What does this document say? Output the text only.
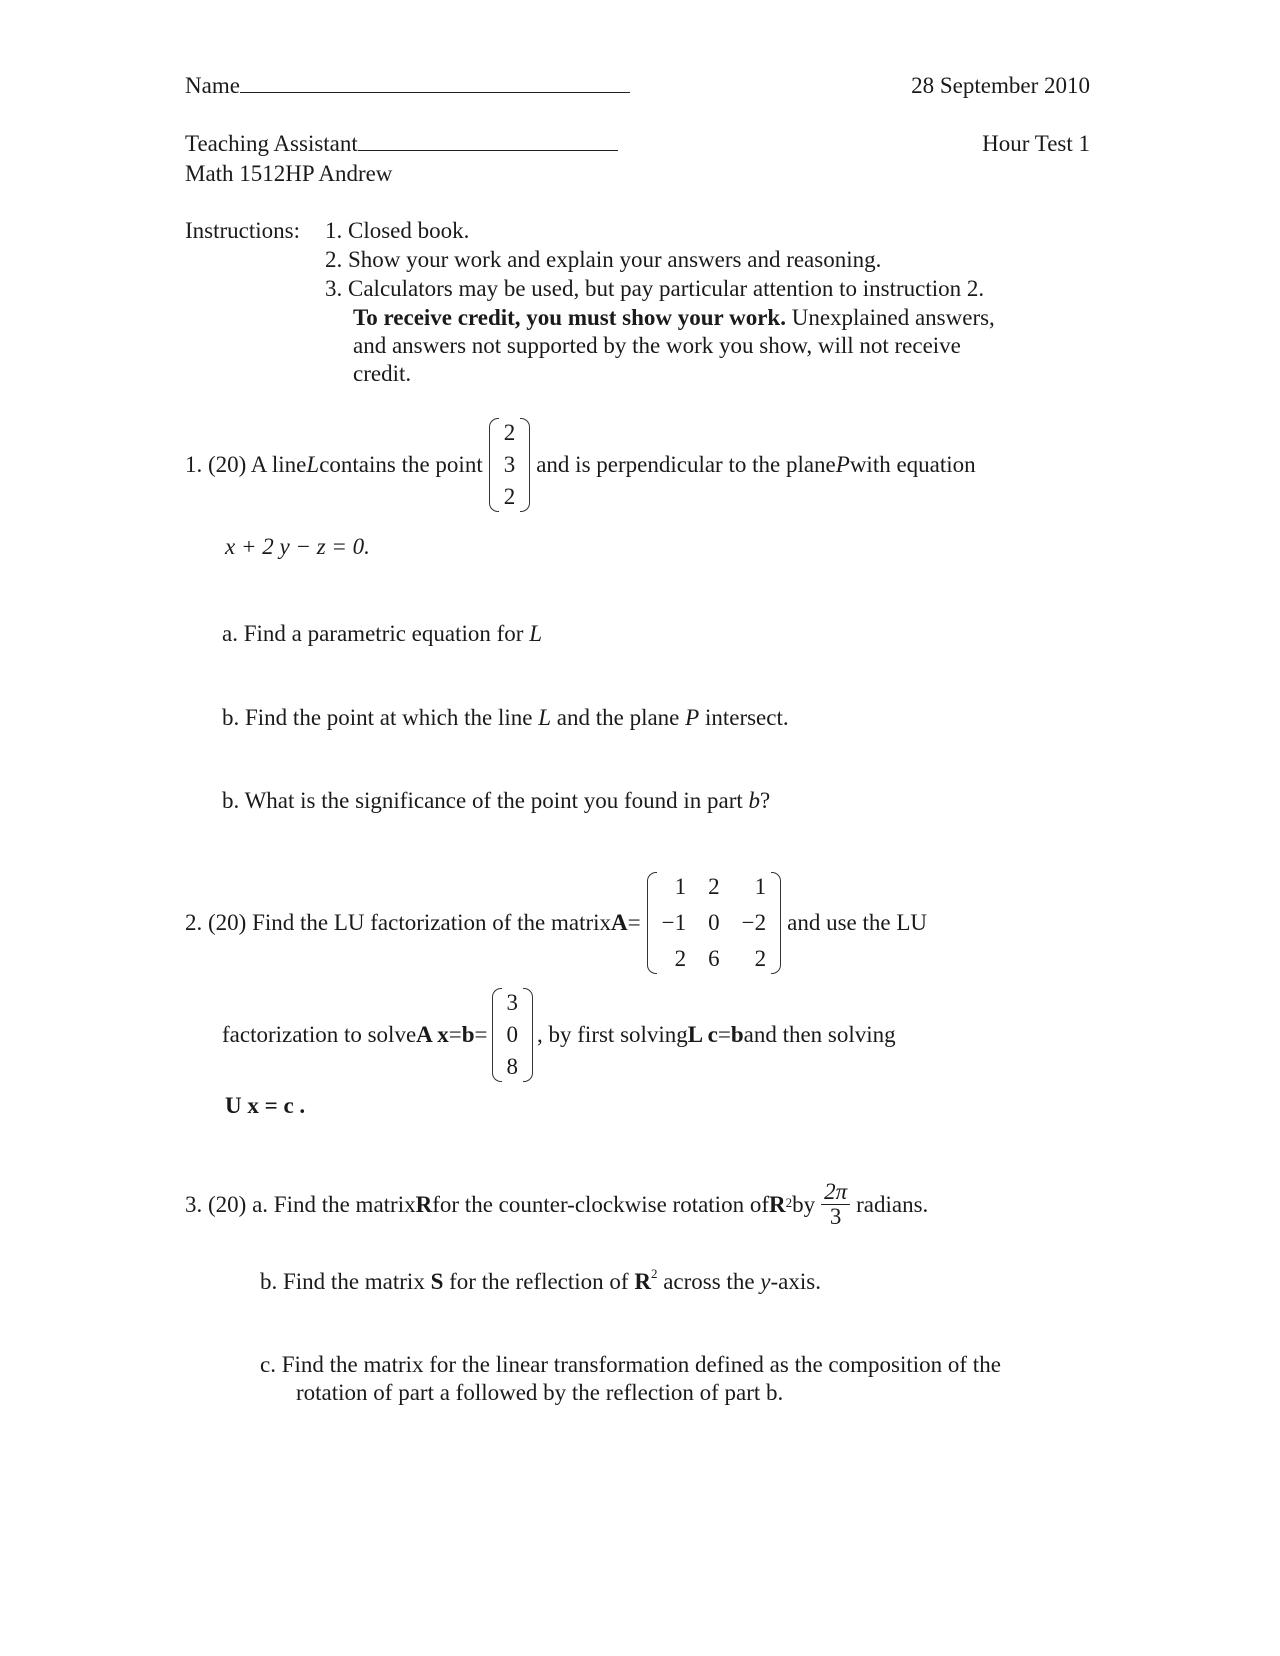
Name	28 September 2010
Teaching Assistant	Hour Test 1
Math 1512HP Andrew
Instructions: 1. Closed book.
2. Show your work and explain your answers and reasoning.
3. Calculators may be used, but pay particular attention to instruction 2.
To receive credit, you must show your work. Unexplained answers,
and answers not supported by the work you show, will not receive
credit.
1. (20) A line L contains the point
2
3
2
and is perpendicular to the plane P with equation
x + 2 y − z = 0.
a. Find a parametric equation for L
b. Find the point at which the line L and the plane P intersect.
b. What is the significance of the point you found in part b?
2. (20) Find the LU factorization of the matrix A =
1 2	1
−1 0 −2
2 6	2
and use the LU
factorization to solve A x = b =
3
0
8
, by first solving L c = b and then solving
U x = c .
3. (20) a. Find the matrix R for the counter-clockwise rotation of $R^2$ by $\frac{2\pi}{3}$ radians.
b. Find the matrix S for the reflection of $R^2$ across the y-axis.
c. Find the matrix for the linear transformation defined as the composition of the
rotation of part a followed by the reflection of part b.
